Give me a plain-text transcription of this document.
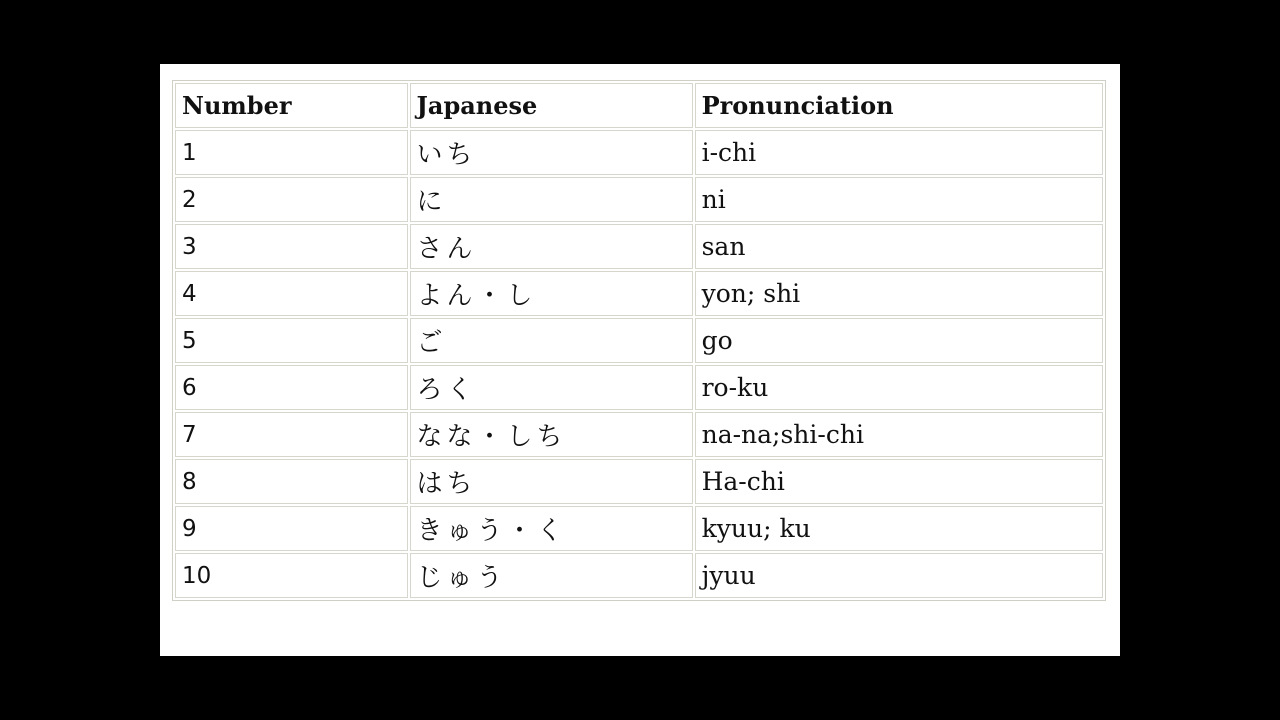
Number	Japanese	Pronunciation
1	いち	i-chi
2	に	ni
3	さん	san
4	よん・し	yon; shi
5	ご	go
6	ろく	ro-ku
7	なな・しち	na-na;shi-chi
8	はち	Ha-chi
9	きゅう・く	kyuu; ku
10	じゅう	jyuu
